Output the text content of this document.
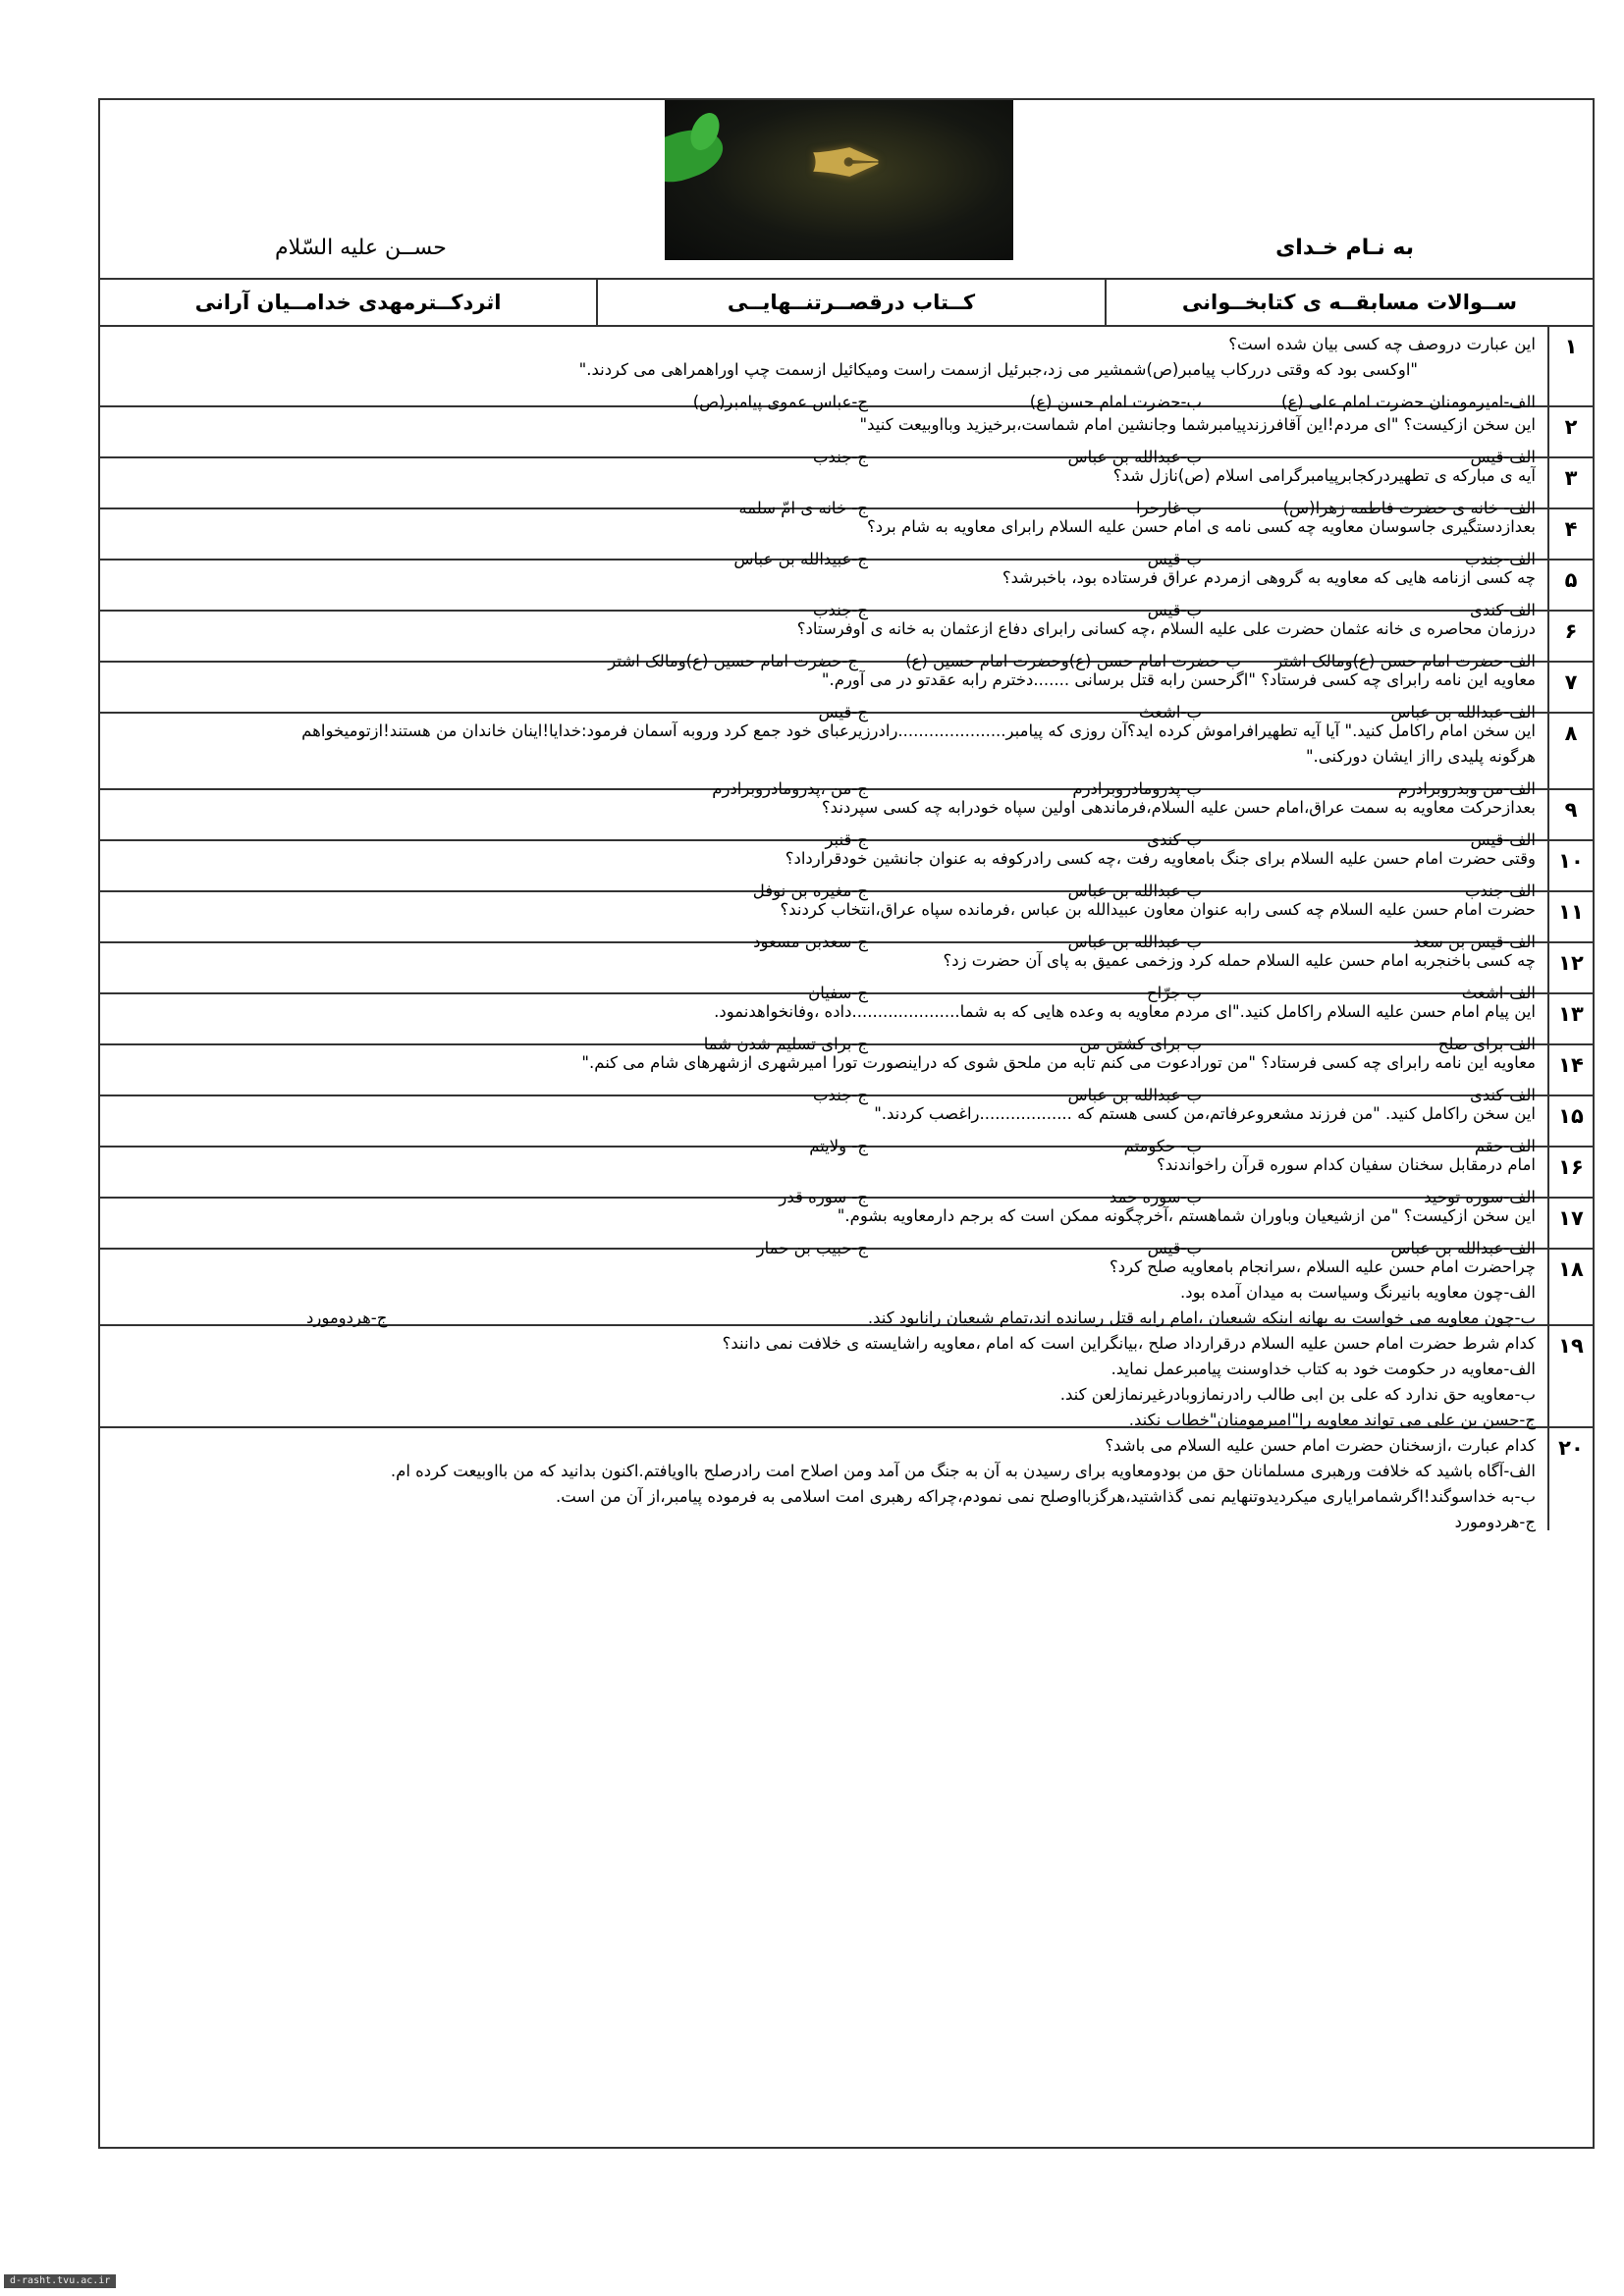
✒
به نـام خـدای
حســن علیه السّلام
ســوالات مسابقــه ی کتابخــوانی
کــتاب درقصــرتنــهایــی
اثردکــترمهدی خدامــیان آرانی
۱
این عبارت دروصف چه کسی بیان شده است؟
"اوکسی بود که وقتی دررکاب پیامبر(ص)شمشیر می زد،جبرئیل ازسمت راست ومیکائیل ازسمت چپ اوراهمراهی می کردند."
الف-امیرمومنان حضرت امام علی (ع)
ب-حضرت امام حسن (ع)
ج-عباس عموی پیامبر(ص)
۲
این سخن ازکیست؟ "ای مردم!این آقافرزندپیامبرشما وجانشین امام شماست،برخیزید وبااوبیعت کنید"
الف-قیس
ب-عبدالله بن عباس
ج-جندب
۳
آیه ی مبارکه ی تطهیردرکجابرپیامبرگرامی اسلام (ص)نازل شد؟
الف- خانه ی حضرت فاطمه زهرا(س)
ب-غارحرا
ج- خانه ی امّ سلمه
۴
بعدازدستگیری جاسوسان معاویه چه کسی نامه ی امام حسن علیه السلام رابرای معاویه به شام برد؟
الف-جندب
ب-قیس
ج-عبیدالله بن عباس
۵
چه کسی ازنامه هایی که معاویه به گروهی ازمردم عراق فرستاده بود، باخبرشد؟
الف-کندی
ب-قیس
ج-جندب
۶
درزمان محاصره ی خانه عثمان حضرت علی علیه السلام ،چه کسانی رابرای دفاع ازعثمان به خانه ی اوفرستاد؟
الف-حضرت امام حسن (ع)ومالک اشتر
ب-حضرت امام حسن (ع)وحضرت امام حسین (ع)
ج-حضرت امام حسین (ع)ومالک اشتر
۷
معاویه این نامه رابرای چه کسی فرستاد؟ "اگرحسن رابه قتل برسانی .......دخترم رابه عقدتو در می آورم."
الف-عبدالله بن عباس
ب-اشعث
ج-قیس
۸
این سخن امام راکامل کنید." آیا آیه تطهیرافراموش کرده اید؟آن روزی که پیامبر.....................رادرزیرعبای خود جمع کرد وروبه آسمان فرمود:خدایا!اینان خاندان من هستند!ازتومیخواهم
هرگونه پلیدی رااز ایشان دورکنی."
الف-من وبدروبرادرم
ب-پدرومادروبرادرم
ج-من ،پدرومادروبرادرم
۹
بعدازحرکت معاویه به سمت عراق،امام حسن علیه السلام،فرماندهی اولین سپاه خودرابه چه کسی سپردند؟
الف-قیس
ب-کندی
ج-قنبر
۱۰
وقتی حضرت امام حسن علیه السلام برای جنگ بامعاویه رفت ،چه کسی رادرکوفه به عنوان جانشین خودقرارداد؟
الف-جندب
ب-عبدالله بن عباس
ج-مغیره بن نوفل
۱۱
حضرت امام حسن علیه السلام چه کسی رابه عنوان معاون عبیدالله بن عباس ،فرمانده سپاه عراق،انتخاب کردند؟
الف-قیس بن سعد
ب-عبدالله بن عباس
ج-سعدبن مسعود
۱۲
چه کسی باخنجربه امام حسن علیه السلام حمله کرد وزخمی عمیق به پای آن حضرت زد؟
الف-اشعث
ب-جرّاح
ج-سفیان
۱۳
این پیام امام حسن علیه السلام راکامل کنید."ای مردم معاویه به وعده هایی که به شما.....................داده ،وفانخواهدنمود.
الف-برای صلح
ب-برای کشتن من
ج-برای تسلیم شدن شما
۱۴
معاویه این نامه رابرای چه کسی فرستاد؟ "من تورادعوت می کنم تابه من ملحق شوی که دراینصورت تورا امیرشهری ازشهرهای شام می کنم."
الف-کندی
ب-عبدالله بن عباس
ج-جندب
۱۵
این سخن راکامل کنید. "من فرزند مشعروعرفاتم،من کسی هستم که ..................راغصب کردند."
الف-حقم
ب- حکومتم
ج- ولایتم
۱۶
امام درمقابل سخنان سفیان کدام سوره قرآن راخواندند؟
الف-سوره توحید
ب-سوره حمد
ج- سوره قدر
۱۷
این سخن ازکیست؟ "من ازشیعیان وباوران شماهستم ،آخرچگونه ممکن است که برجم دارمعاویه بشوم."
الف-عبدالله بن عباس
ب-قیس
ج-حبیب بن حمار
۱۸
چراحضرت امام حسن علیه السلام ،سرانجام بامعاویه صلح کرد؟
الف-چون معاویه بانیرنگ وسیاست به میدان آمده بود.
ب-چون معاویه می خواست به بهانه اینکه شیعیان ،امام رابه قتل رسانده اند،تمام شیعیان رانابود کند.
ج-هردومورد
۱۹
کدام شرط حضرت امام حسن علیه السلام درقرارداد صلح ،بیانگراین است که امام ،معاویه راشایسته ی خلافت نمی دانند؟
الف-معاویه در حکومت خود به کتاب خداوسنت پیامبرعمل نماید.
ب-معاویه حق ندارد که علی بن ابی طالب رادرنمازوبادرغیرنمازلعن کند.
ج-حسن بن علی می تواند معاویه را"امیرمومنان"خطاب نکند.
۲۰
کدام عبارت ،ازسخنان حضرت امام حسن علیه السلام می باشد؟
الف-آگاه باشید که خلافت ورهبری مسلمانان حق من بودومعاویه برای رسیدن به آن به جنگ من آمد ومن اصلاح امت رادرصلح بااویافتم.اکنون بدانید که من بااوبیعت کرده ام.
ب-به خداسوگند!اگرشمامرایاری میکردیدوتنهایم نمی گذاشتید،هرگزبااوصلح نمی نمودم،چراکه رهبری امت اسلامی به فرموده پیامبر،از آن من است.
ج-هردومورد
d-rasht.tvu.ac.ir
